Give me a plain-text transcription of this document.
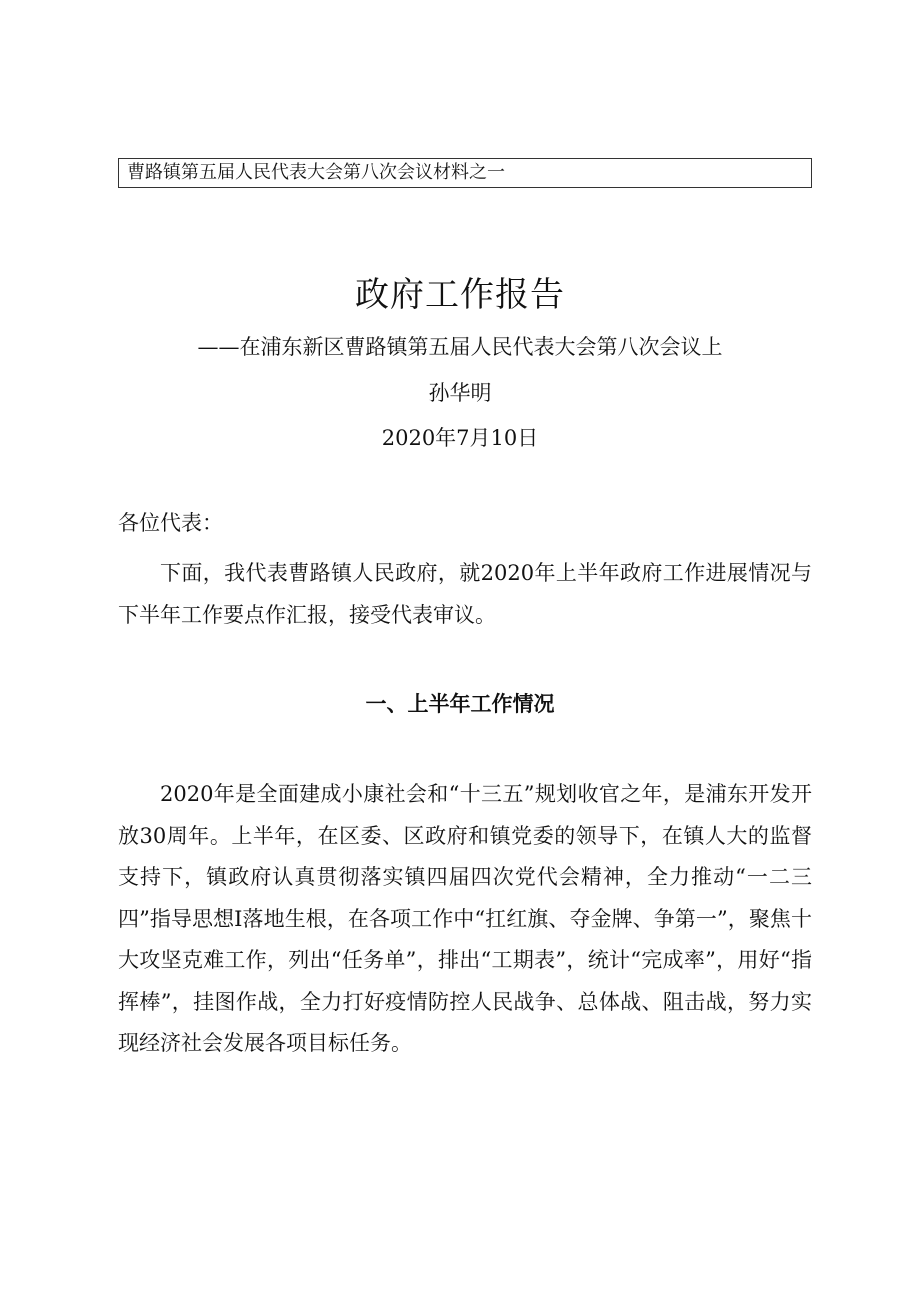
曹路镇第五届人民代表大会第八次会议材料之一
政府工作报告
——在浦东新区曹路镇第五届人民代表大会第八次会议上
孙华明
2020年7月10日
各位代表：
下面，我代表曹路镇人民政府，就2020年上半年政府工作进展情况与下半年工作要点作汇报，接受代表审议。
一、上半年工作情况
2020年是全面建成小康社会和“十三五”规划收官之年，是浦东开发开放30周年。上半年，在区委、区政府和镇党委的领导下，在镇人大的监督支持下，镇政府认真贯彻落实镇四届四次党代会精神，全力推动“一二三四”指导思想I落地生根，在各项工作中“扛红旗、夺金牌、争第一”，聚焦十大攻坚克难工作，列出“任务单”，排出“工期表”，统计“完成率”，用好“指挥棒”，挂图作战，全力打好疫情防控人民战争、总体战、阻击战，努力实现经济社会发展各项目标任务。
